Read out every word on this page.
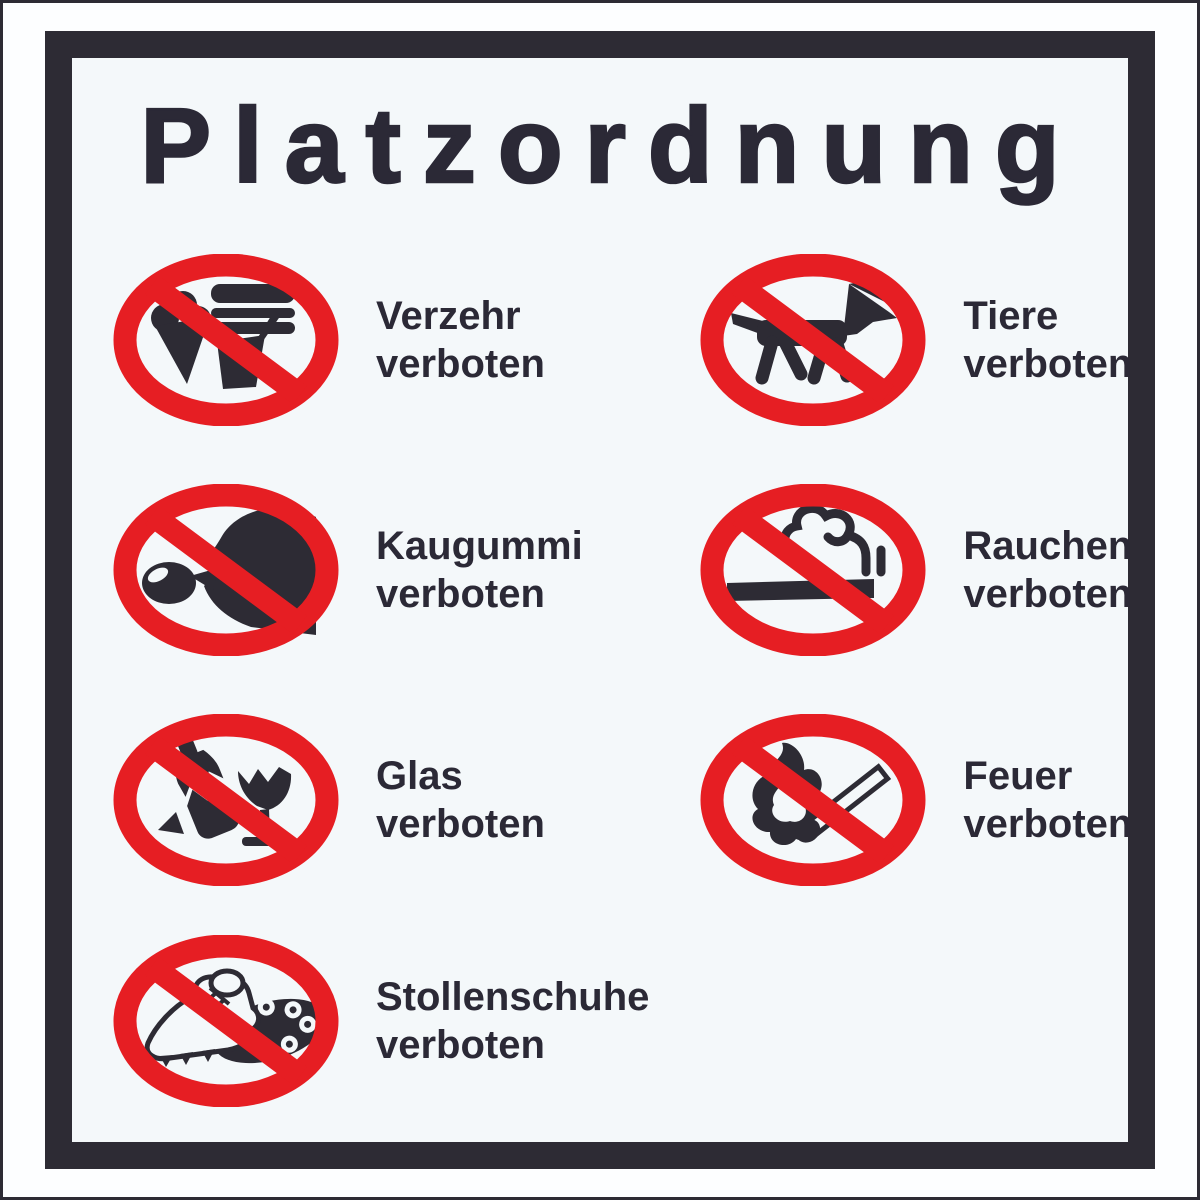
Platzordnung
Verzehr
verboten
Tiere
verboten
Kaugummi
verboten
Rauchen
verboten
Glas
verboten
Feuer
verboten
Stollenschuhe
verboten
